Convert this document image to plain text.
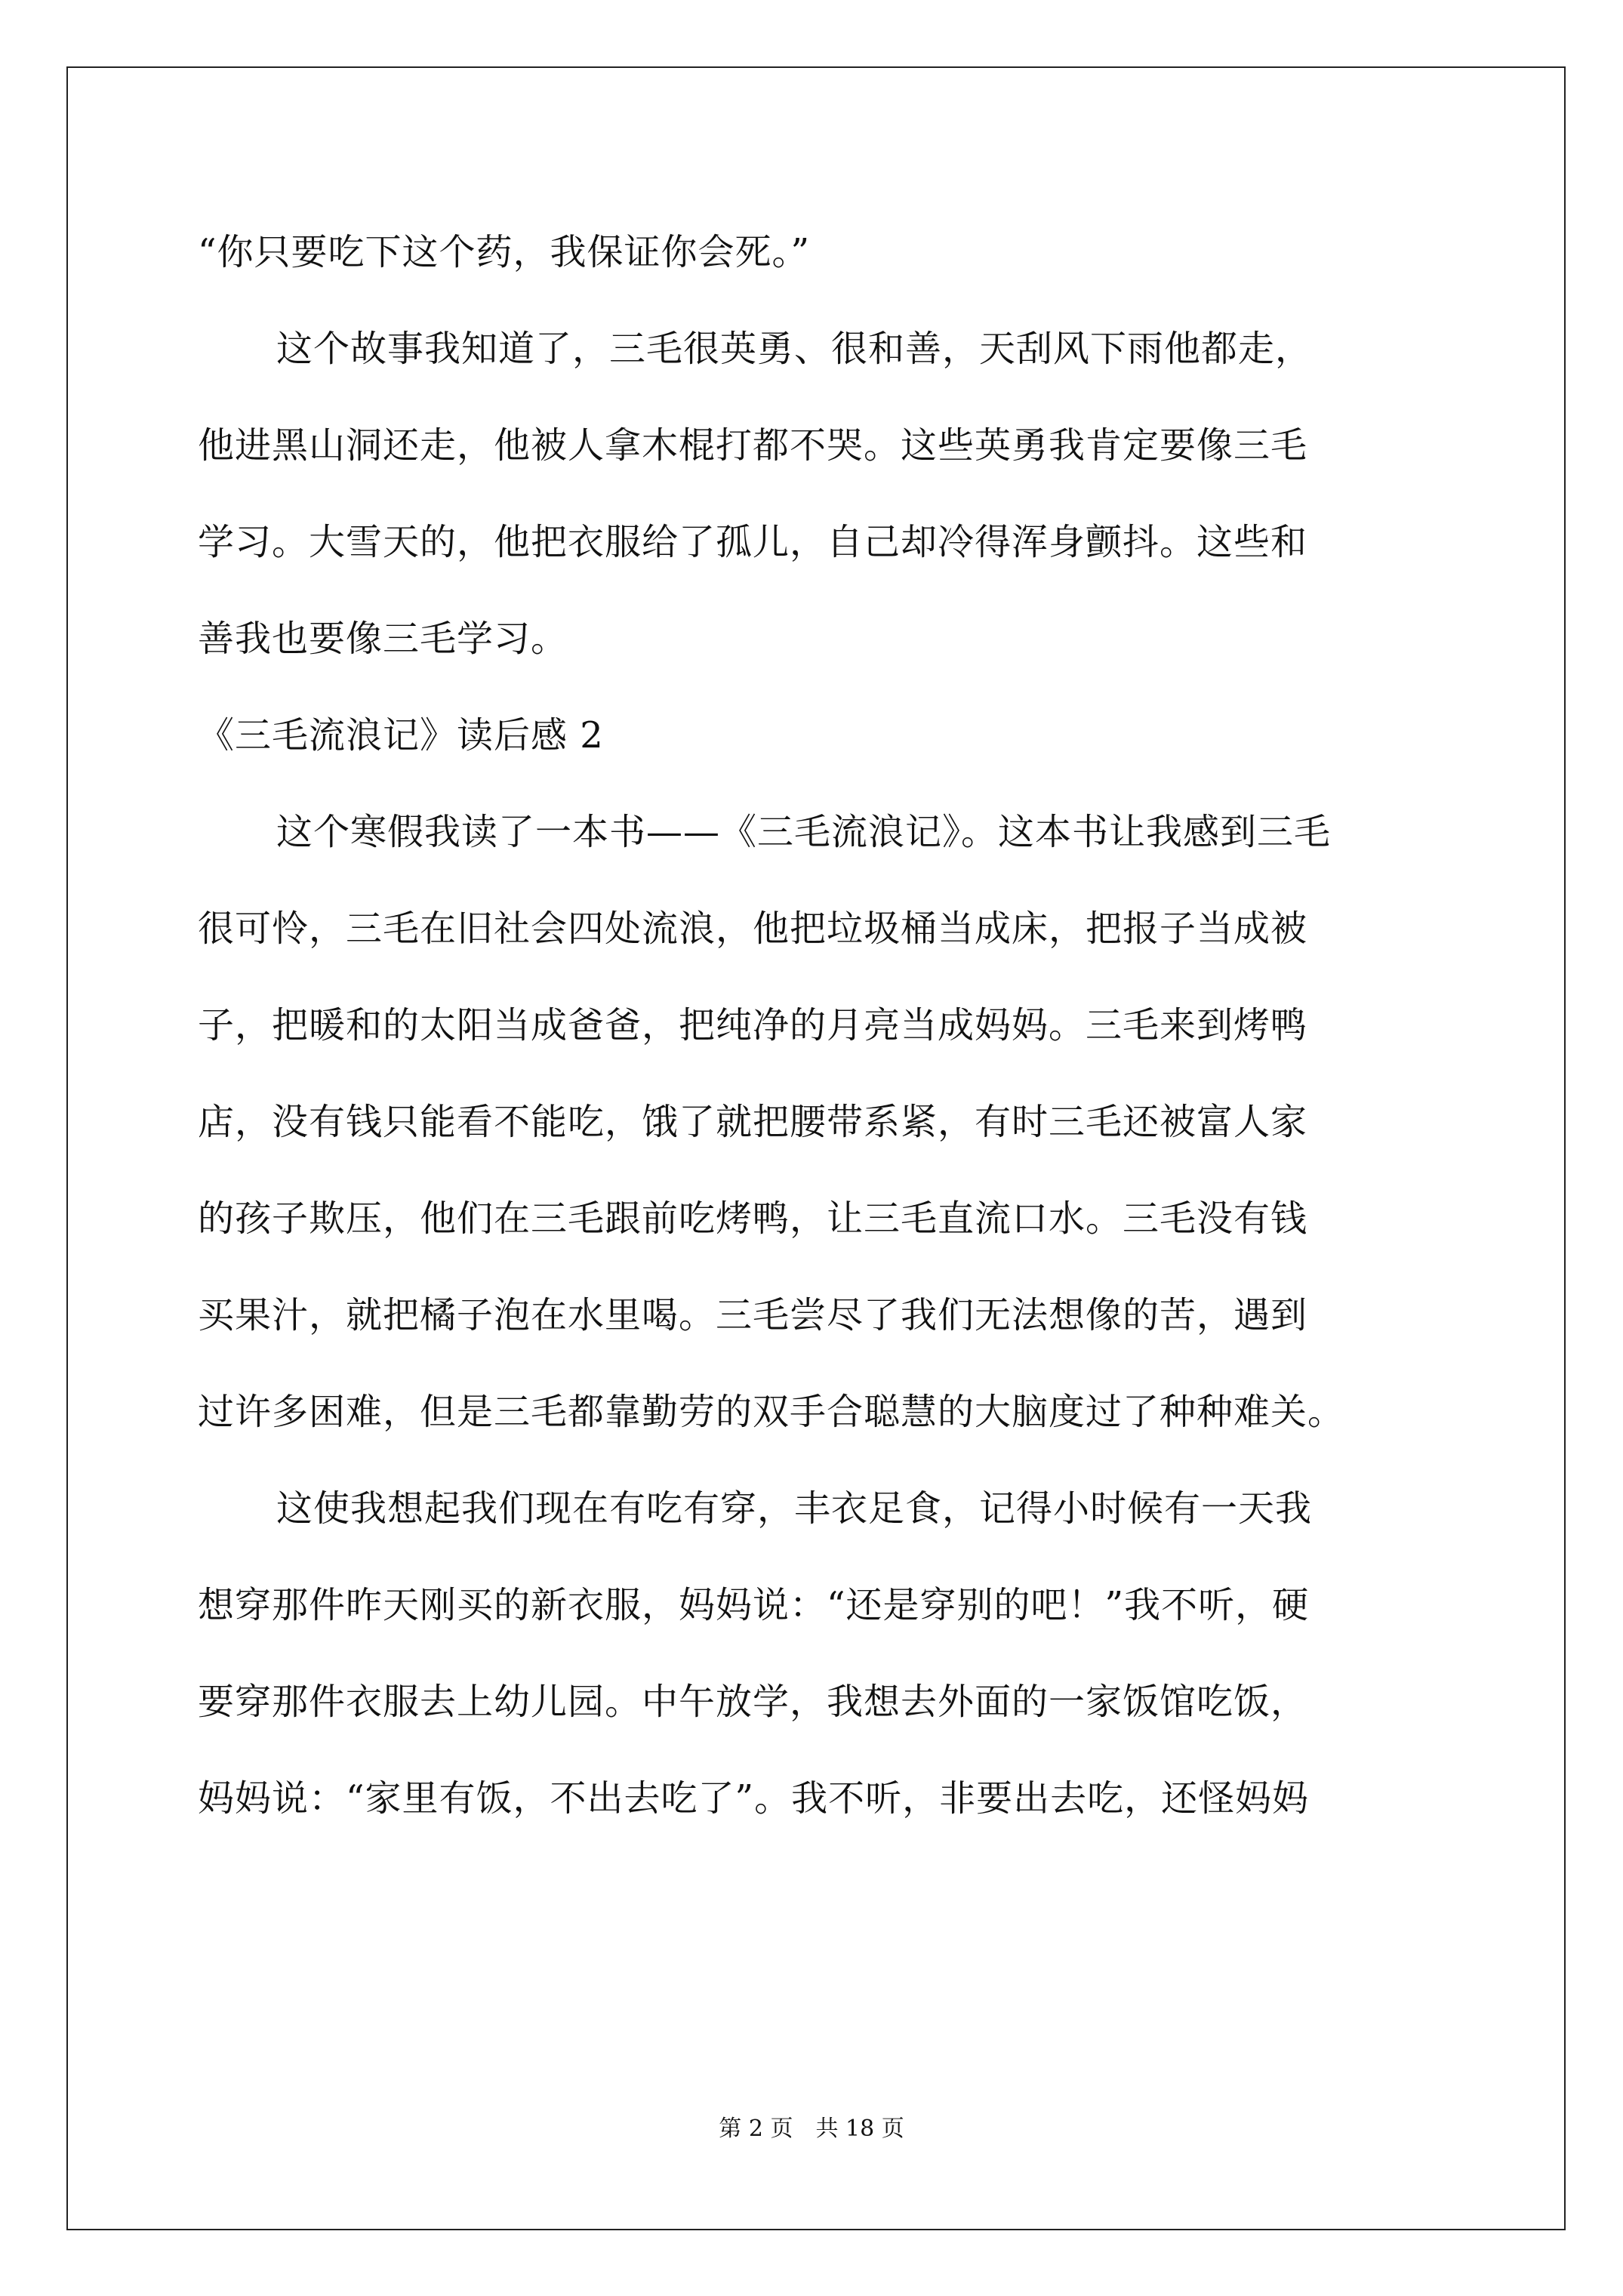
“你只要吃下这个药，我保证你会死。”
这个故事我知道了，三毛很英勇、很和善，天刮风下雨他都走，
他进黑山洞还走，他被人拿木棍打都不哭。这些英勇我肯定要像三毛
学习。大雪天的，他把衣服给了孤儿，自己却冷得浑身颤抖。这些和
善我也要像三毛学习。
《三毛流浪记》读后感 2
这个寒假我读了一本书——《三毛流浪记》。这本书让我感到三毛
很可怜，三毛在旧社会四处流浪，他把垃圾桶当成床，把报子当成被
子，把暖和的太阳当成爸爸，把纯净的月亮当成妈妈。三毛来到烤鸭
店，没有钱只能看不能吃，饿了就把腰带系紧，有时三毛还被富人家
的孩子欺压，他们在三毛跟前吃烤鸭，让三毛直流口水。三毛没有钱
买果汁，就把橘子泡在水里喝。三毛尝尽了我们无法想像的苦，遇到
过许多困难，但是三毛都靠勤劳的双手合聪慧的大脑度过了种种难关。
这使我想起我们现在有吃有穿，丰衣足食，记得小时候有一天我
想穿那件昨天刚买的新衣服，妈妈说：“还是穿别的吧！”我不听，硬
要穿那件衣服去上幼儿园。中午放学，我想去外面的一家饭馆吃饭，
妈妈说：“家里有饭，不出去吃了”。我不听，非要出去吃，还怪妈妈
第 2 页　共 18 页
